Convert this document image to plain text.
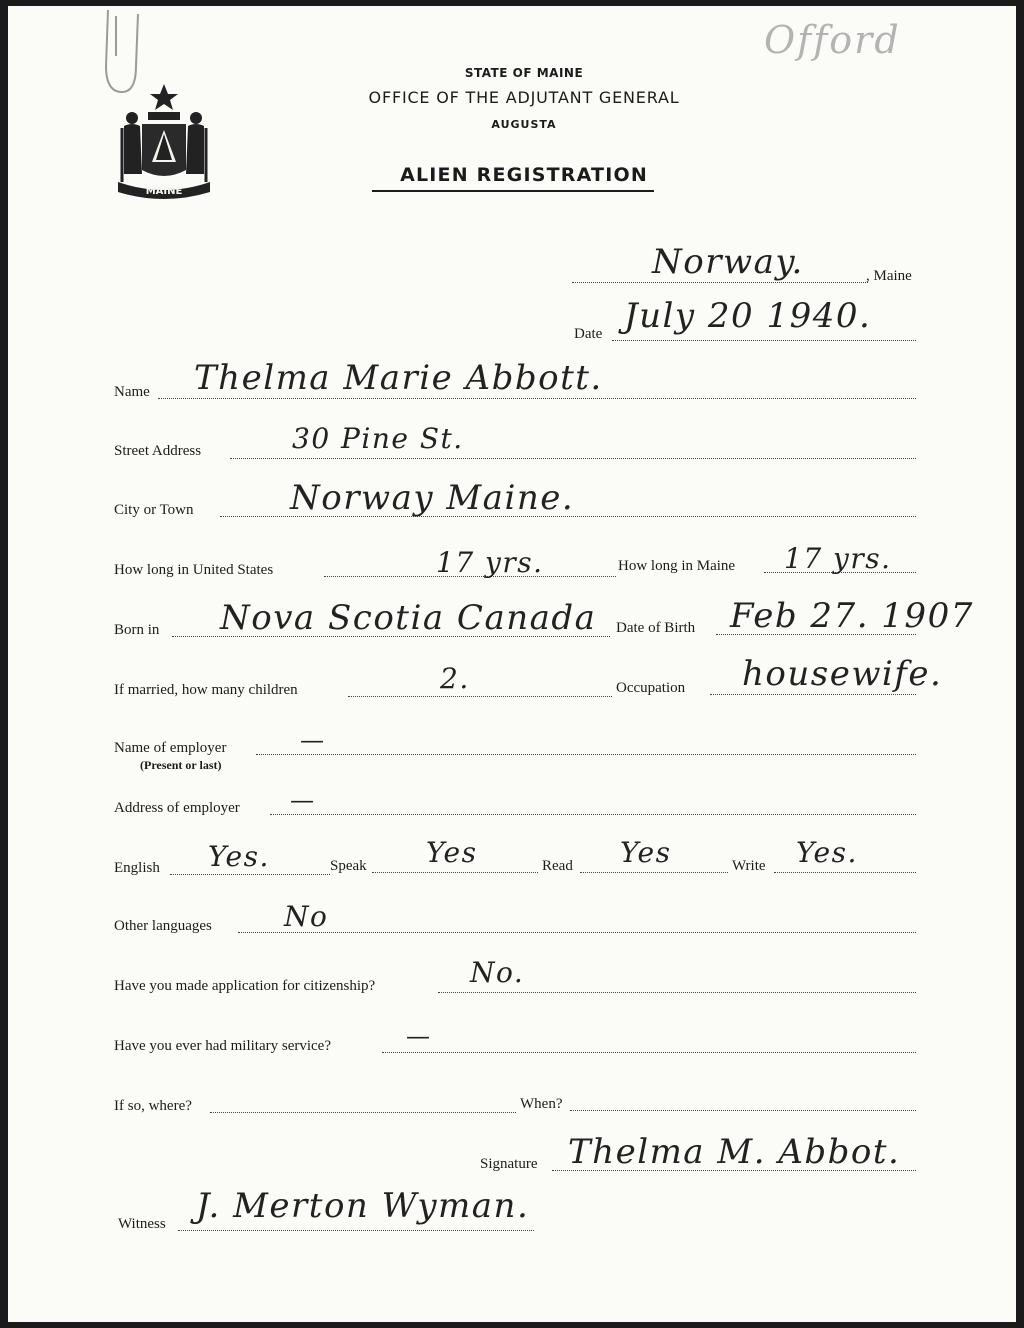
Offord
MAINE
STATE OF MAINE
OFFICE OF THE ADJUTANT GENERAL
AUGUSTA
ALIEN REGISTRATION
Norway.	, Maine
Date July 20 1940.
Name Thelma Marie Abbott.
Street Address	30 Pine St.
City or Town	Norway Maine.
How long in United States	17 yrs.	How long in Maine 17 yrs.
Born in Nova Scotia Canada Date of Birth Feb 27. 1907
If married, how many children	2.	Occupation housewife.
Name of employer
(Present or last)
—
Address of employer —
English Yes.	Speak Yes	Read Yes	Write Yes.
Other languages	No
Have you made application for citizenship?	No.
Have you ever had military service?	—
If so, where?	When?
Signature Thelma M. Abbot.
Witness J. Merton Wyman.
